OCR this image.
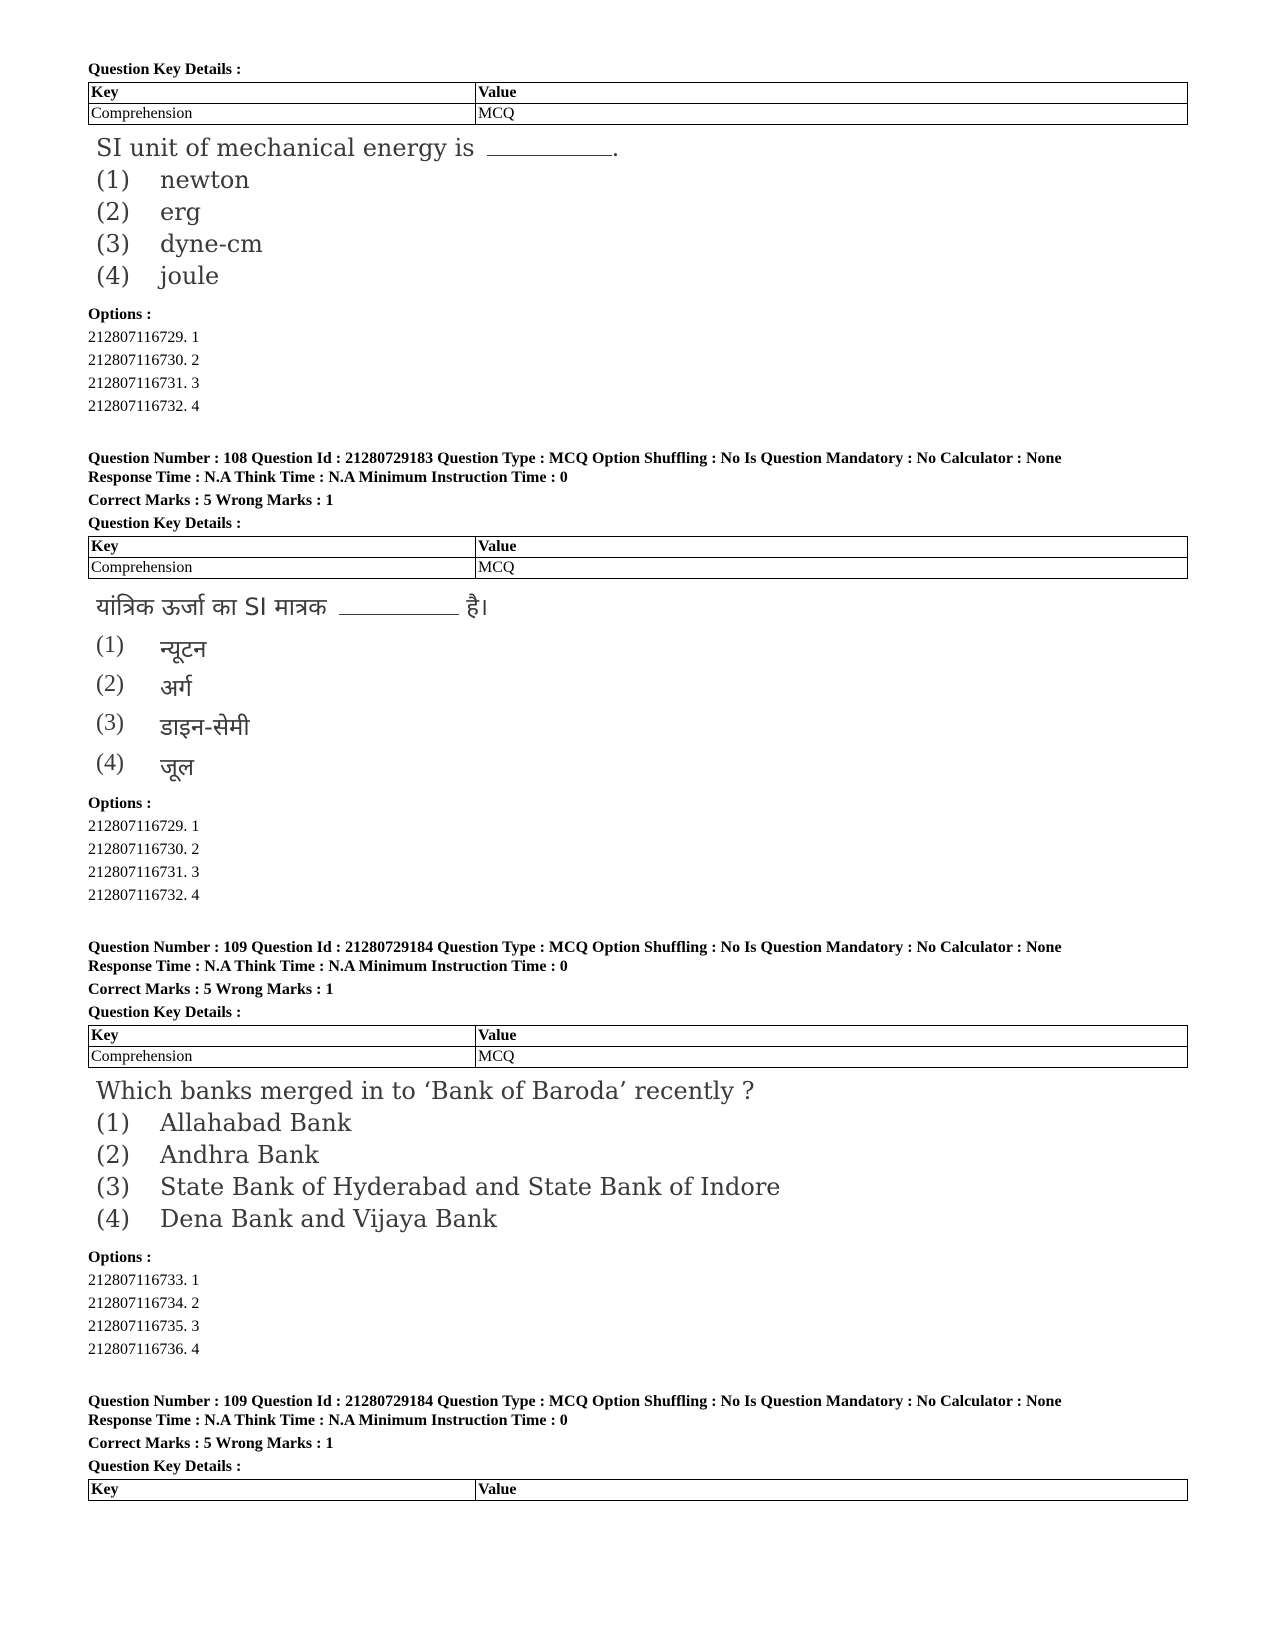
Question Key Details :
Key	Value
Comprehension	MCQ
SI unit of mechanical energy is	.
(1) newton
(2) erg
(3) dyne-cm
(4) joule
Options :
212807116729. 1
212807116730. 2
212807116731. 3
212807116732. 4
Question Number : 108 Question Id : 21280729183 Question Type : MCQ Option Shuffling : No Is Question Mandatory : No Calculator : None
Response Time : N.A Think Time : N.A Minimum Instruction Time : 0
Correct Marks : 5 Wrong Marks : 1
Question Key Details :
Key	Value
Comprehension	MCQ
यांत्रिक ऊर्जा का SI मात्रक	है।
(1) न्यूटन
(2) अर्ग
(3) डाइन-सेमी
(4) जूल
Options :
212807116729. 1
212807116730. 2
212807116731. 3
212807116732. 4
Question Number : 109 Question Id : 21280729184 Question Type : MCQ Option Shuffling : No Is Question Mandatory : No Calculator : None
Response Time : N.A Think Time : N.A Minimum Instruction Time : 0
Correct Marks : 5 Wrong Marks : 1
Question Key Details :
Key	Value
Comprehension	MCQ
Which banks merged in to ‘Bank of Baroda’ recently ?
(1) Allahabad Bank
(2) Andhra Bank
(3) State Bank of Hyderabad and State Bank of Indore
(4) Dena Bank and Vijaya Bank
Options :
212807116733. 1
212807116734. 2
212807116735. 3
212807116736. 4
Question Number : 109 Question Id : 21280729184 Question Type : MCQ Option Shuffling : No Is Question Mandatory : No Calculator : None
Response Time : N.A Think Time : N.A Minimum Instruction Time : 0
Correct Marks : 5 Wrong Marks : 1
Question Key Details :
Key	Value
